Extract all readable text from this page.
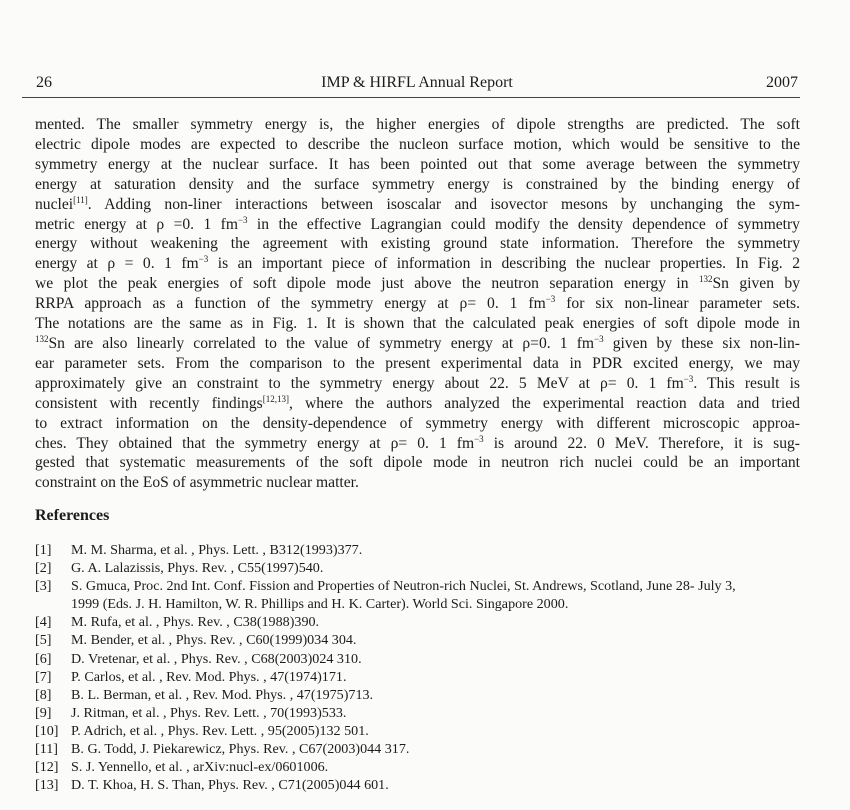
26	IMP & HIRFL Annual Report	2007
mented. The smaller symmetry energy is, the higher energies of dipole strengths are predicted. The soft
electric dipole modes are expected to describe the nucleon surface motion, which would be sensitive to the
symmetry energy at the nuclear surface. It has been pointed out that some average between the symmetry
energy at saturation density and the surface symmetry energy is constrained by the binding energy of
nuclei[11]. Adding non-liner interactions between isoscalar and isovector mesons by unchanging the sym-
metric energy at ρ =0. 1 $fm^{-3}$ in the effective Lagrangian could modify the density dependence of symmetry
energy without weakening the agreement with existing ground state information. Therefore the symmetry
energy at ρ = 0. 1 $fm^{-3}$ is an important piece of information in describing the nuclear properties. In Fig. 2
we plot the peak energies of soft dipole mode just above the neutron separation energy in $^{132}$Sn given by
RRPA approach as a function of the symmetry energy at ρ= 0. 1 $fm^{-3}$ for six non-linear parameter sets.
The notations are the same as in Fig. 1. It is shown that the calculated peak energies of soft dipole mode in
$^{132}$Sn are also linearly correlated to the value of symmetry energy at ρ=0. 1 $fm^{-3}$ given by these six non-lin-
ear parameter sets. From the comparison to the present experimental data in PDR excited energy, we may
approximately give an constraint to the symmetry energy about 22. 5 MeV at ρ= 0. 1 $fm^{-3}$. This result is
consistent with recently findings[12,13], where the authors analyzed the experimental reaction data and tried
to extract information on the density-dependence of symmetry energy with different microscopic approa-
ches. They obtained that the symmetry energy at ρ= 0. 1 $fm^{-3}$ is around 22. 0 MeV. Therefore, it is sug-
gested that systematic measurements of the soft dipole mode in neutron rich nuclei could be an important
constraint on the EoS of asymmetric nuclear matter.
References
[1] M. M. Sharma, et al. , Phys. Lett. , B312(1993)377.
[2] G. A. Lalazissis, Phys. Rev. , C55(1997)540.
[3] S. Gmuca, Proc. 2nd Int. Conf. Fission and Properties of Neutron-rich Nuclei, St. Andrews, Scotland, June 28- July 3,
1999 (Eds. J. H. Hamilton, W. R. Phillips and H. K. Carter). World Sci. Singapore 2000.
[4] M. Rufa, et al. , Phys. Rev. , C38(1988)390.
[5] M. Bender, et al. , Phys. Rev. , C60(1999)034 304.
[6] D. Vretenar, et al. , Phys. Rev. , C68(2003)024 310.
[7] P. Carlos, et al. , Rev. Mod. Phys. , 47(1974)171.
[8] B. L. Berman, et al. , Rev. Mod. Phys. , 47(1975)713.
[9] J. Ritman, et al. , Phys. Rev. Lett. , 70(1993)533.
[10] P. Adrich, et al. , Phys. Rev. Lett. , 95(2005)132 501.
[11] B. G. Todd, J. Piekarewicz, Phys. Rev. , C67(2003)044 317.
[12] S. J. Yennello, et al. , arXiv:nucl-ex/0601006.
[13] D. T. Khoa, H. S. Than, Phys. Rev. , C71(2005)044 601.
